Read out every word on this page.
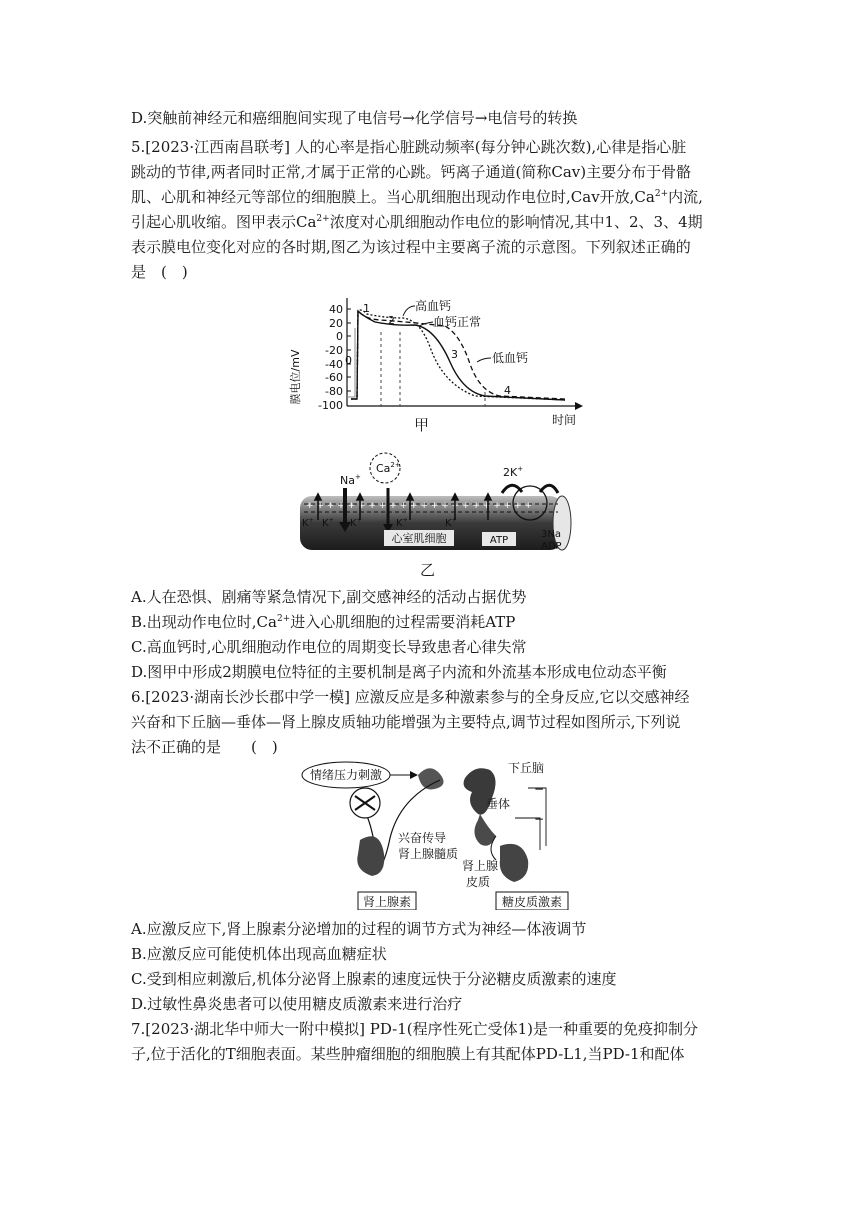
D.突触前神经元和癌细胞间实现了电信号→化学信号→电信号的转换
5.[2023·江西南昌联考] 人的心率是指心脏跳动频率(每分钟心跳次数),心律是指心脏
跳动的节律,两者同时正常,才属于正常的心跳。钙离子通道(简称Cav)主要分布于骨骼
肌、心肌和神经元等部位的细胞膜上。当心肌细胞出现动作电位时,Cav开放$,Ca^{2+}$内流,
引起心肌收缩。图甲表示$Ca^{2+}$浓度对心肌细胞动作电位的影响情况,其中1、2、3、4期
表示膜电位变化对应的各时期,图乙为该过程中主要离子流的示意图。下列叙述正确的
是　(　)
膜电位/mV
40
20
0
-20
-40
-60
-80
-100
0
1
2
3
4
高血钙
血钙正常
低血钙
时间
甲
+ + + + + + + + + + + + + + + + + + + + + +
$Ca^{2+}$
Na+
K+ K+ K+	K+	K+
2K+
心室肌细胞	ATP
3Na
ADP
乙
A.人在恐惧、剧痛等紧急情况下,副交感神经的活动占据优势
B.出现动作电位时$,Ca^{2+}$进入心肌细胞的过程需要消耗ATP
C.高血钙时,心肌细胞动作电位的周期变长导致患者心律失常
D.图甲中形成2期膜电位特征的主要机制是离子内流和外流基本形成电位动态平衡
6.[2023·湖南长沙长郡中学一模] 应激反应是多种激素参与的全身反应,它以交感神经
兴奋和下丘脑—垂体—肾上腺皮质轴功能增强为主要特点,调节过程如图所示,下列说
法不正确的是　　(　)
情绪压力刺激	下丘脑
垂体
−
−
兴奋传导
肾上腺髓质
肾上腺
皮质
肾上腺素	糖皮质激素
A.应激反应下,肾上腺素分泌增加的过程的调节方式为神经—体液调节
B.应激反应可能使机体出现高血糖症状
C.受到相应刺激后,机体分泌肾上腺素的速度远快于分泌糖皮质激素的速度
D.过敏性鼻炎患者可以使用糖皮质激素来进行治疗
7.[2023·湖北华中师大一附中模拟] PD-1(程序性死亡受体1)是一种重要的免疫抑制分
子,位于活化的T细胞表面。某些肿瘤细胞的细胞膜上有其配体PD-L1,当PD-1和配体
